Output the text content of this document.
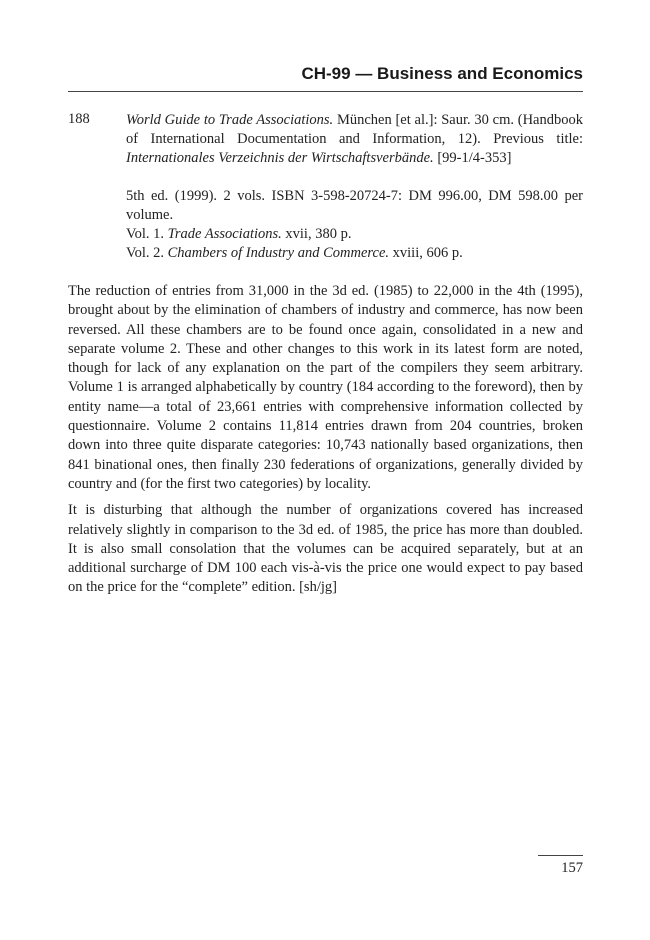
CH-99 — Business and Economics
188	World Guide to Trade Associations. München [et al.]: Saur. 30 cm. (Handbook of International Documentation and Information, 12). Previous title: Internationales Verzeichnis der Wirtschaftsverbände. [99-1/4-353]

5th ed. (1999). 2 vols. ISBN 3-598-20724-7: DM 996.00, DM 598.00 per volume.

Vol. 1. Trade Associations. xvii, 380 p.

Vol. 2. Chambers of Industry and Commerce. xviii, 606 p.

The reduction of entries from 31,000 in the 3d ed. (1985) to 22,000 in the 4th (1995), brought about by the elimination of chambers of industry and commerce, has now been reversed. All these chambers are to be found once again, consolidated in a new and separate volume 2. These and other changes to this work in its latest form are noted, though for lack of any explanation on the part of the compilers they seem arbitrary. Volume 1 is arranged alphabetically by country (184 according to the foreword), then by entity name—a total of 23,661 entries with comprehensive information collected by questionnaire. Volume 2 contains 11,814 entries drawn from 204 countries, broken down into three quite disparate categories: 10,743 nationally based organizations, then 841 binational ones, then finally 230 federations of organizations, generally divided by country and (for the first two categories) by locality.

It is disturbing that although the number of organizations covered has increased relatively slightly in comparison to the 3d ed. of 1985, the price has more than doubled. It is also small consolation that the volumes can be acquired separately, but at an additional surcharge of DM 100 each vis-à-vis the price one would expect to pay based on the price for the “complete” edition. [sh/jg]

157
